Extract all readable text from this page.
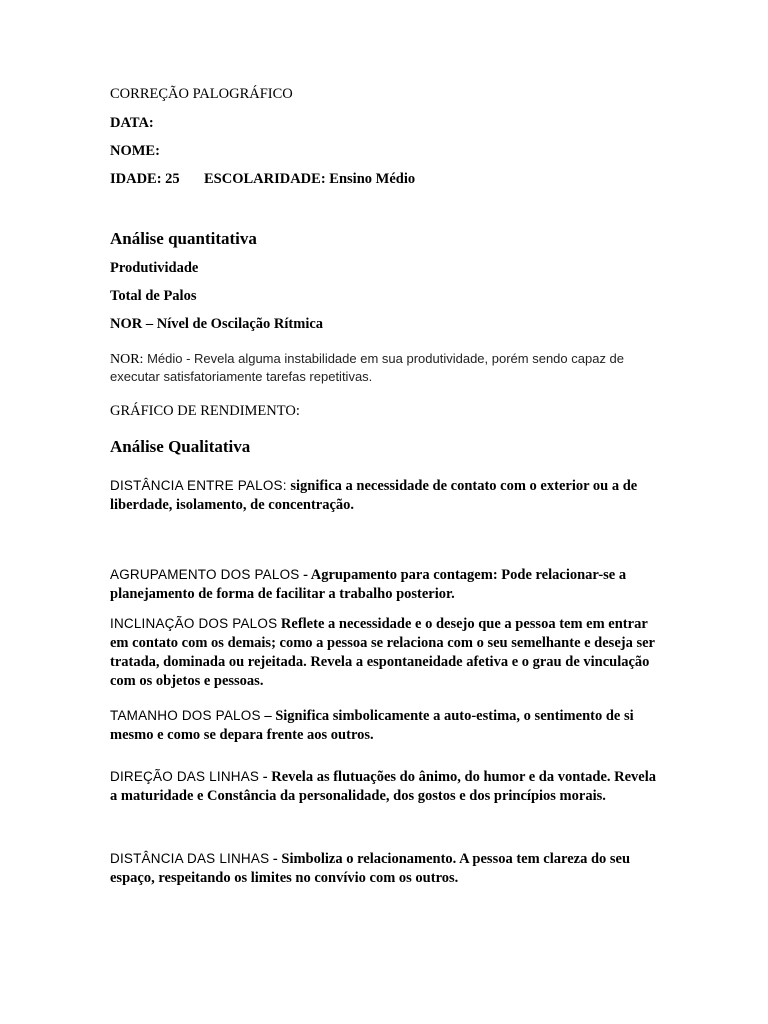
CORREÇÃO PALOGRÁFICO
DATA:
NOME:
IDADE: 25 ESCOLARIDADE: Ensino Médio
Análise quantitativa
Produtividade
Total de Palos
NOR – Nível de Oscilação Rítmica
NOR: Médio - Revela alguma instabilidade em sua produtividade, porém sendo capaz de executar satisfatoriamente tarefas repetitivas.
GRÁFICO DE RENDIMENTO:
Análise Qualitativa
DISTÂNCIA ENTRE PALOS: significa a necessidade de contato com o exterior ou a de liberdade, isolamento, de concentração.
AGRUPAMENTO DOS PALOS - Agrupamento para contagem: Pode relacionar-se a planejamento de forma de facilitar a trabalho posterior.
INCLINAÇÃO DOS PALOS Reflete a necessidade e o desejo que a pessoa tem em entrar em contato com os demais; como a pessoa se relaciona com o seu semelhante e deseja ser tratada, dominada ou rejeitada. Revela a espontaneidade afetiva e o grau de vinculação com os objetos e pessoas.
TAMANHO DOS PALOS – Significa simbolicamente a auto-estima, o sentimento de si mesmo e como se depara frente aos outros.
DIREÇÃO DAS LINHAS - Revela as flutuações do ânimo, do humor e da vontade. Revela a maturidade e Constância da personalidade, dos gostos e dos princípios morais.
DISTÂNCIA DAS LINHAS - Simboliza o relacionamento. A pessoa tem clareza do seu espaço, respeitando os limites no convívio com os outros.
